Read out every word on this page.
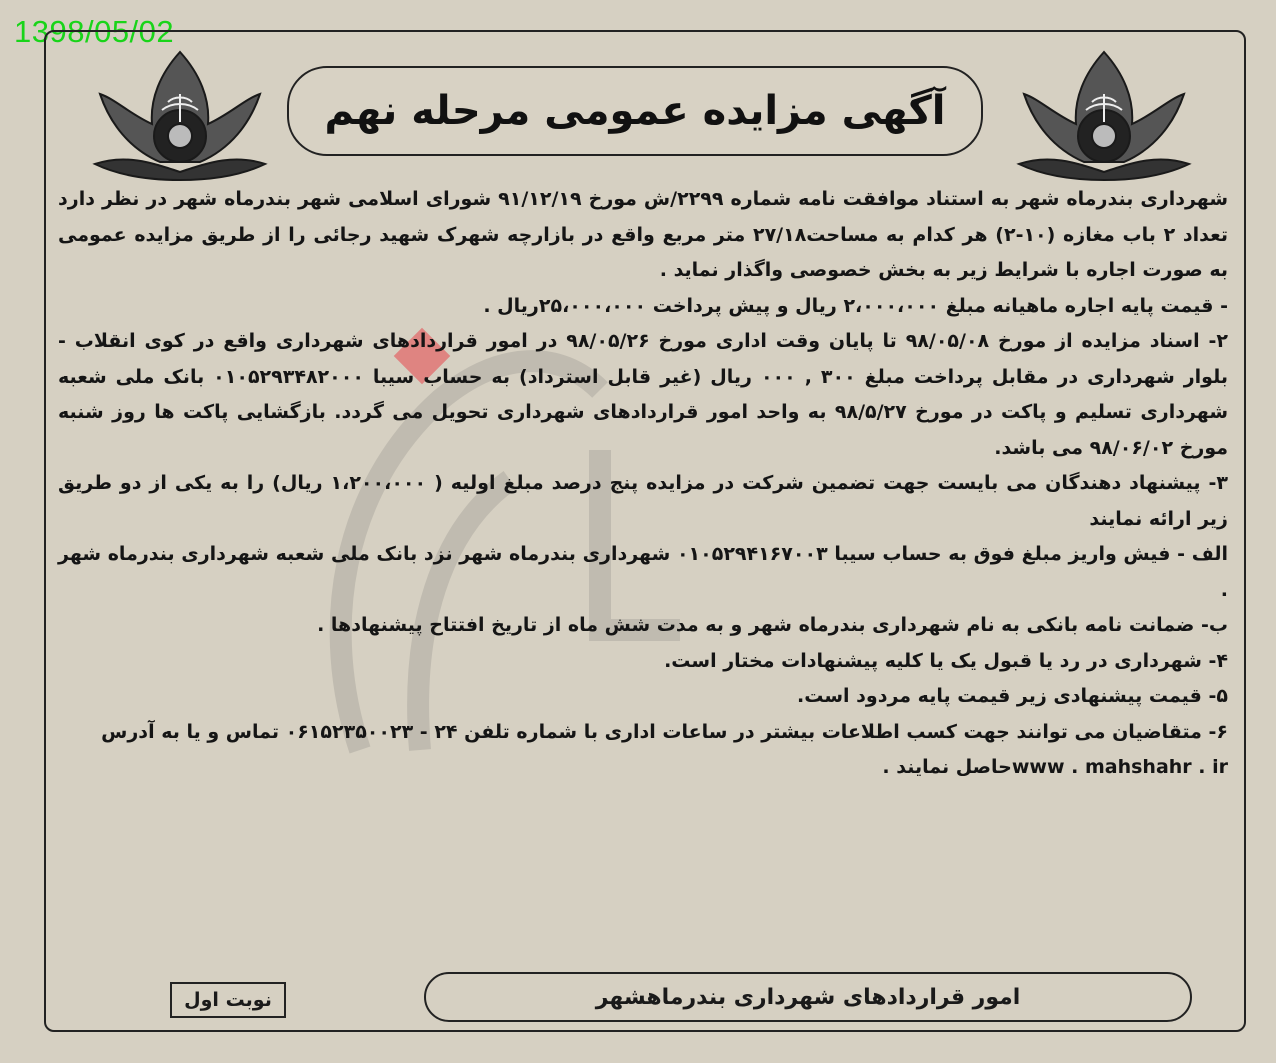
1398/05/02
آگهی مزایده عمومی مرحله نهم

شهرداری بندرماه شهر به استناد موافقت نامه شماره ۲۲۹۹/ش مورخ ۹۱/۱۲/۱۹ شورای اسلامی شهر بندرماه شهر در نظر دارد تعداد ۲ باب مغازه (۱۰-۲) هر کدام به مساحت۲۷/۱۸ متر مربع واقع در بازارچه شهرک شهید رجائی را از طریق مزایده عمومی به صورت اجاره با شرایط زیر به بخش خصوصی واگذار نماید .

- قیمت پایه اجاره ماهیانه مبلغ ۲،۰۰۰،۰۰۰ ریال و پیش پرداخت ۲۵،۰۰۰،۰۰۰ریال .

۲- اسناد مزایده از مورخ ۹۸/۰۵/۰۸ تا پایان وقت اداری مورخ ۹۸/۰۵/۲۶ در امور قراردادهای شهرداری واقع در کوی انقلاب - بلوار شهرداری در مقابل پرداخت مبلغ ۳۰۰ , ۰۰۰ ریال (غیر قابل استرداد) به حساب سیبا ۰۱۰۵۲۹۳۴۸۲۰۰۰ بانک ملی شعبه شهرداری تسلیم و پاکت در مورخ ۹۸/۵/۲۷ به واحد امور قراردادهای شهرداری تحویل می گردد. بازگشایی پاکت ها روز شنبه مورخ ۹۸/۰۶/۰۲ می باشد.

۳- پیشنهاد دهندگان می بایست جهت تضمین شرکت در مزایده پنج درصد مبلغ اولیه ( ۱،۲۰۰،۰۰۰ ریال) را به یکی از دو طریق زیر ارائه نمایند

الف - فیش واریز مبلغ فوق به حساب سیبا ۰۱۰۵۲۹۴۱۶۷۰۰۳ شهرداری بندرماه شهر نزد بانک ملی شعبه شهرداری بندرماه شهر .

ب- ضمانت نامه بانکی به نام شهرداری بندرماه شهر و به مدت شش ماه از تاریخ افتتاح پیشنهادها .

۴- شهرداری در رد یا قبول یک یا کلیه پیشنهادات مختار است.

۵- قیمت پیشنهادی زیر قیمت پایه مردود است.

۶- متقاضیان می توانند جهت کسب اطلاعات بیشتر در ساعات اداری با شماره تلفن ۲۴ - ۰۶۱۵۲۳۵۰۰۲۳ تماس و یا به آدرس

www . mahshahr . irحاصل نمایند .

امور قراردادهای شهرداری بندرماهشهر
نوبت اول
